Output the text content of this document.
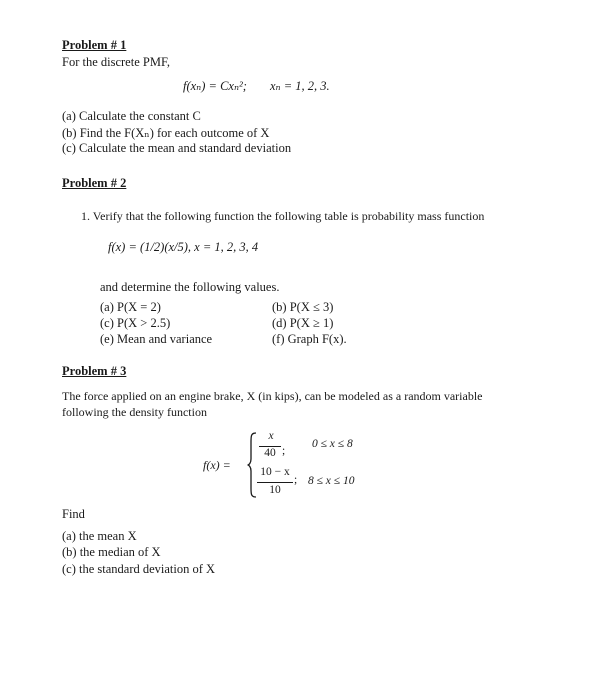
Problem # 1
For the discrete PMF,
f(xₙ) = Cxₙ²; xₙ = 1, 2, 3.
(a) Calculate the constant C
(b) Find the F(Xₙ) for each outcome of X
(c) Calculate the mean and standard deviation
Problem # 2
1. Verify that the following function the following table is probability mass function
f(x) = (1/2)(x/5), x = 1, 2, 3, 4
and determine the following values.
(a) P(X = 2)
(c) P(X > 2.5)
(e) Mean and variance
(b) P(X ≤ 3)
(d) P(X ≥ 1)
(f) Graph F(x).
Problem # 3
The force applied on an engine brake, X (in kips), can be modeled as a random variable
following the density function
f(x) =
x
40 ;
0 ≤ x ≤ 8
10 − x
10
; 8 ≤ x ≤ 10
Find
(a) the mean X
(b) the median of X
(c) the standard deviation of X
